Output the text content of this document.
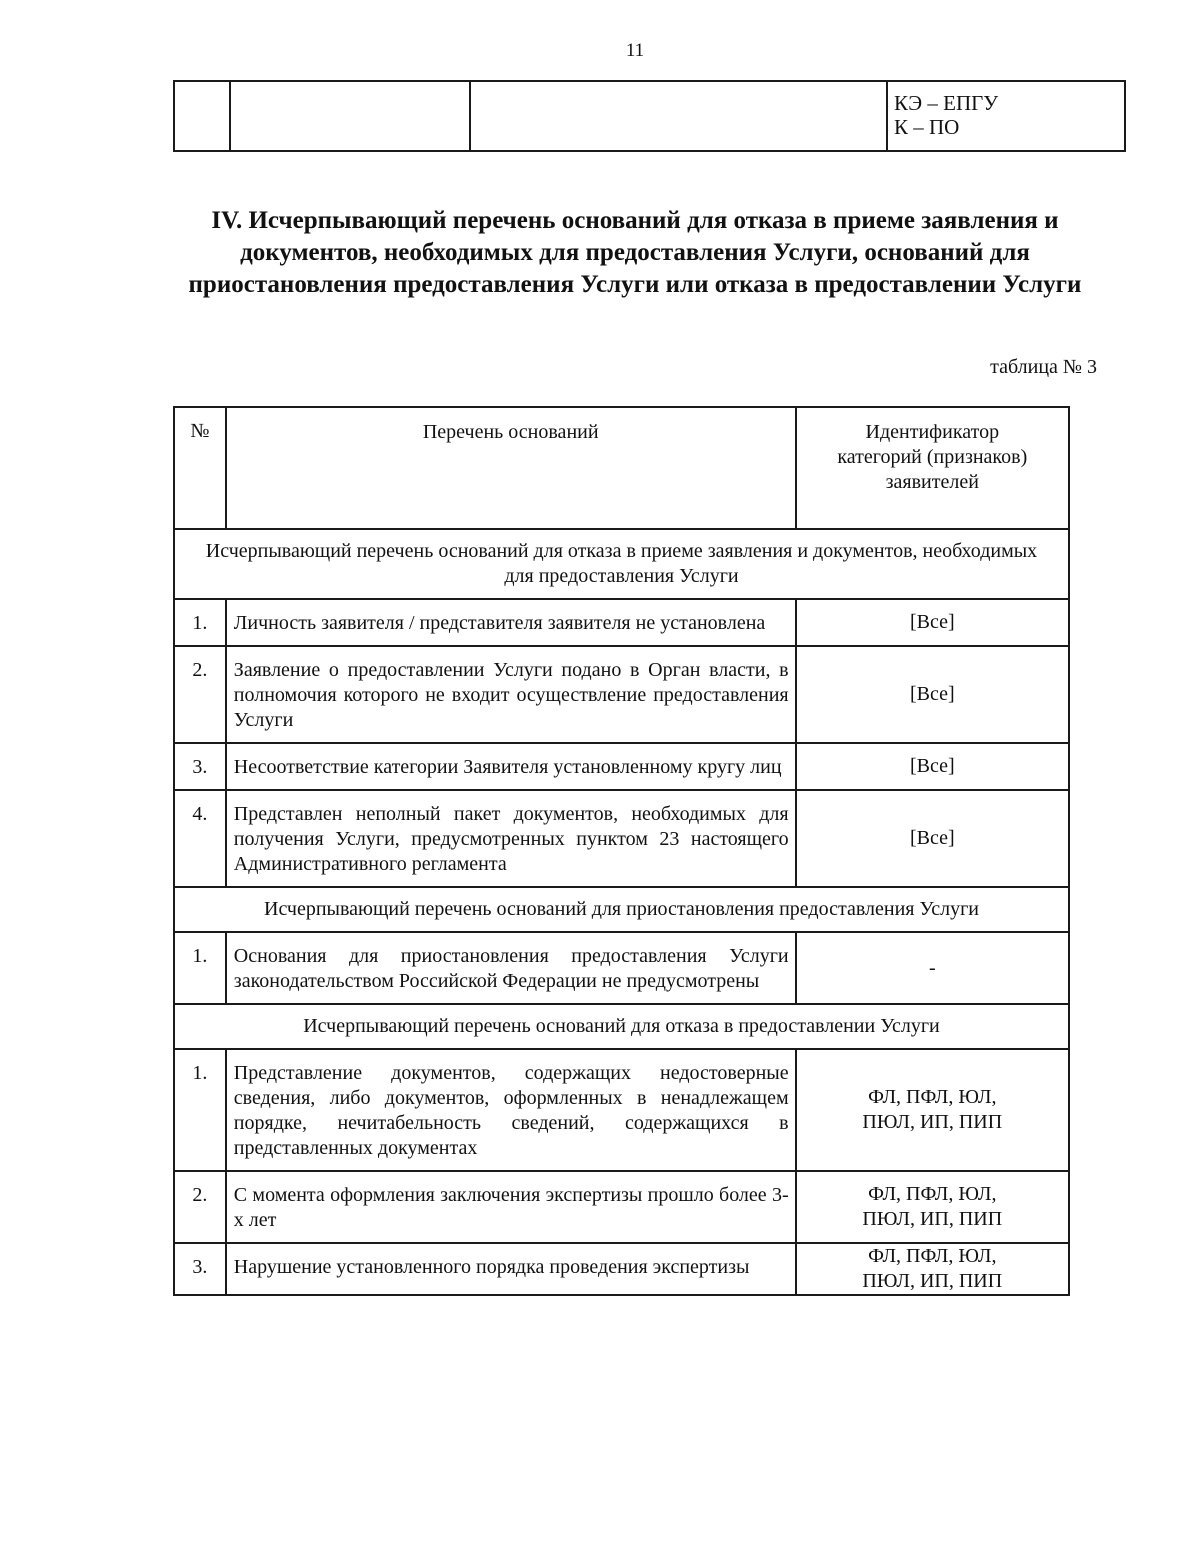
11

КЭ – ЕПГУ
К – ПО
IV. Исчерпывающий перечень оснований для отказа в приеме заявления и документов, необходимых для предоставления Услуги, оснований для приостановления предоставления Услуги или отказа в предоставлении Услуги
таблица № 3
№	Перечень оснований	Идентификатор категорий (признаков) заявителей
Исчерпывающий перечень оснований для отказа в приеме заявления и документов, необходимых для предоставления Услуги		
1.	Личность заявителя / представителя заявителя не установлена	[Все]
2.	Заявление о предоставлении Услуги подано в Орган власти, в полномочия которого не входит осуществление предоставления Услуги	[Все]
3.	Несоответствие категории Заявителя установленному кругу лиц	[Все]
4.	Представлен неполный пакет документов, необходимых для получения Услуги, предусмотренных пунктом 23 настоящего Административного регламента	[Все]
Исчерпывающий перечень оснований для приостановления предоставления Услуги		
1.	Основания для приостановления предоставления Услуги законодательством Российской Федерации не предусмотрены	-
Исчерпывающий перечень оснований для отказа в предоставлении Услуги		
1.	Представление документов, содержащих недостоверные сведения, либо документов, оформленных в ненадлежащем порядке, нечитабельность сведений, содержащихся в представленных документах	ФЛ, ПФЛ, ЮЛ,
ПЮЛ, ИП, ПИП

2.	С момента оформления заключения экспертизы прошло более 3-х лет	ФЛ, ПФЛ, ЮЛ,
ПЮЛ, ИП, ПИП

3.	Нарушение установленного порядка проведения экспертизы	ФЛ, ПФЛ, ЮЛ,
ПЮЛ, ИП, ПИП
